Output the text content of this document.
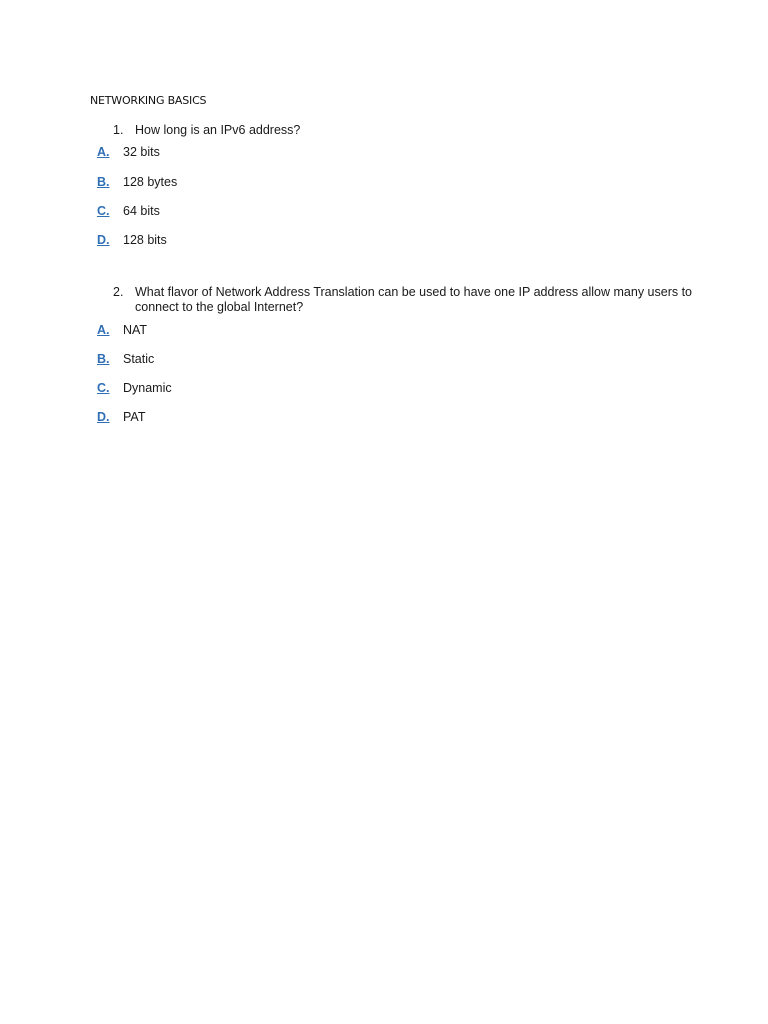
NETWORKING BASICS
1. How long is an IPv6 address?
A.	32 bits
B.	128 bytes
C.	64 bits
D.	128 bits
2. What flavor of Network Address Translation can be used to have one IP address allow many users to connect to the global Internet?
A.	NAT
B.	Static
C.	Dynamic
D.	PAT
